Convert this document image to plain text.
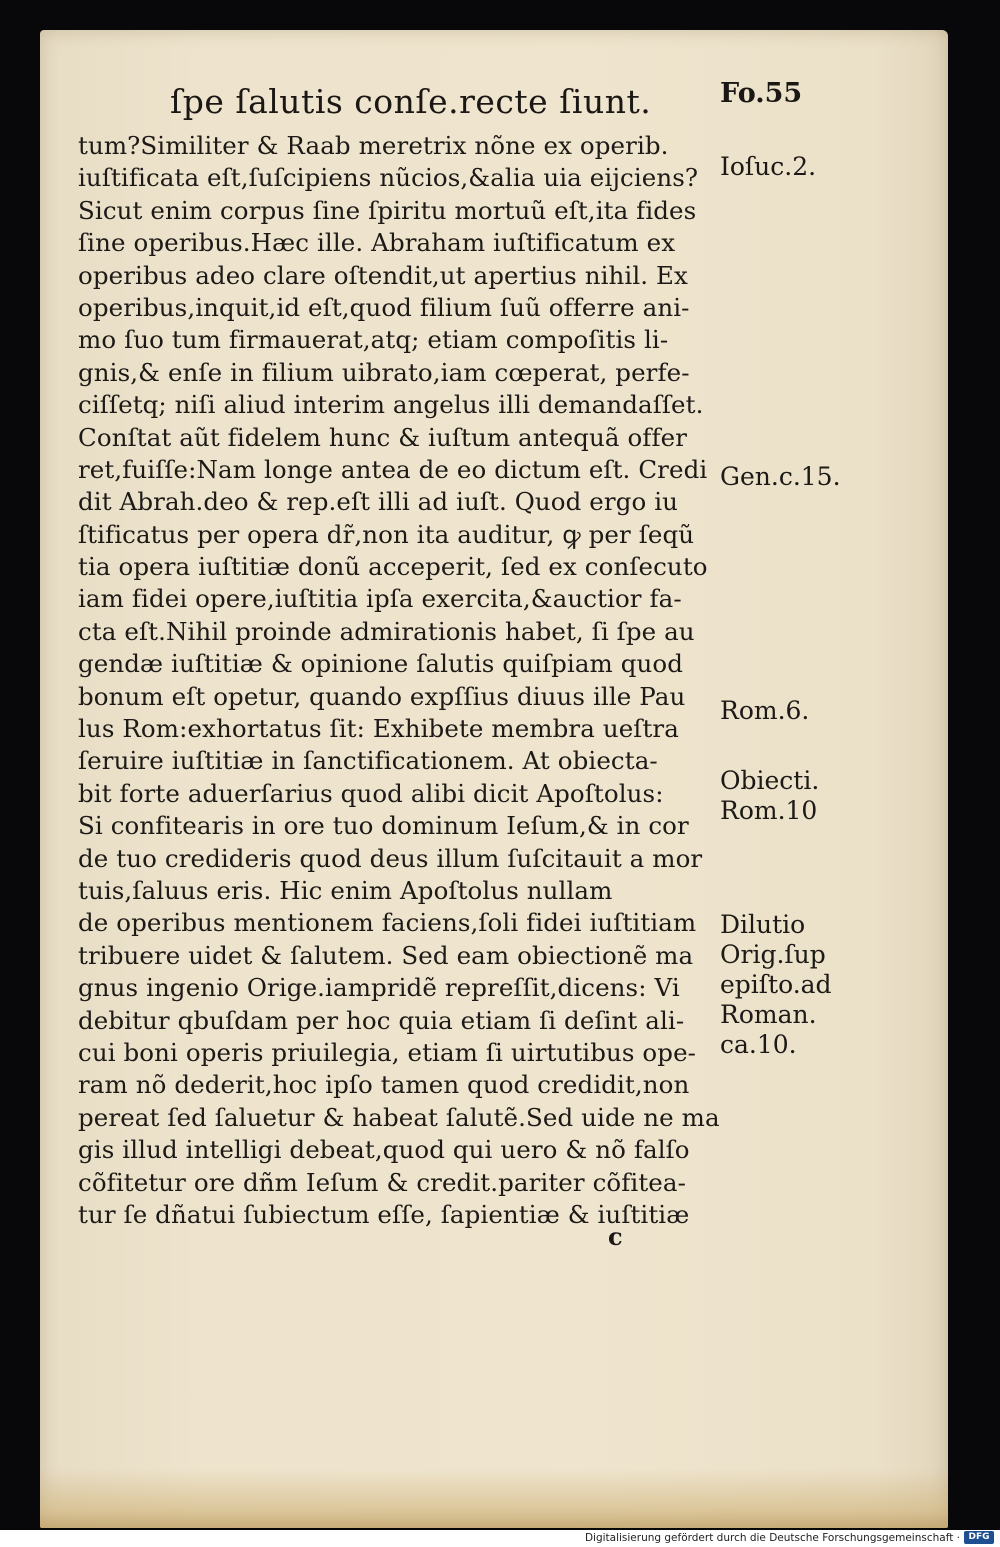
ſpe ſalutis conſe.recte ſiunt.	Fo.55
tum?Similiter & Raab meretrix nõne ex operib.
iuſtificata eſt,ſuſcipiens nũcios,&alia uia eijciens?
Sicut enim corpus ſine ſpiritu mortuũ eſt,ita fides
ſine operibus.Hæc ille. Abraham iuſtificatum ex
operibus adeo clare oſtendit,ut apertius nihil. Ex
operibus,inquit,id eſt,quod filium ſuũ offerre ani-
mo ſuo tum firmauerat,atq; etiam compoſitis li-
gnis,& enſe in filium uibrato,iam cœperat, perfe-
ciſſetq; niſi aliud interim angelus illi demandaſſet.
Conſtat aũt fidelem hunc & iuſtum antequã offer
ret,fuiſſe:Nam longe antea de eo dictum eſt. Credi
dit Abrah.deo & rep.eſt illi ad iuſt. Quod ergo iu
ſtificatus per opera dr̃,non ita auditur, ꝙ per ſeqũ
tia opera iuſtitiæ donũ acceperit, ſed ex conſecuto
iam fidei opere,iuſtitia ipſa exercita,&auctior fa-
cta eſt.Nihil proinde admirationis habet, ſi ſpe au
gendæ iuſtitiæ & opinione ſalutis quiſpiam quod
bonum eſt opetur, quando expſſius diuus ille Pau
lus Rom:exhortatus ſit: Exhibete membra ueſtra
ſeruire iuſtitiæ in ſanctificationem. At obiecta-
bit forte aduerſarius quod alibi dicit Apoſtolus:
Si confitearis in ore tuo dominum Ieſum,& in cor
de tuo credideris quod deus illum ſuſcitauit a mor
tuis,ſaluus eris. Hic enim Apoſtolus nullam
de operibus mentionem faciens,ſoli fidei iuſtitiam
tribuere uidet & ſalutem. Sed eam obiectionẽ ma
gnus ingenio Orige.iampridẽ repreſſit,dicens: Vi
debitur qbuſdam per hoc quia etiam ſi deſint ali-
cui boni operis priuilegia, etiam ſi uirtutibus ope-
ram nõ dederit,hoc ipſo tamen quod credidit,non
pereat ſed ſaluetur & habeat ſalutẽ.Sed uide ne ma
gis illud intelligi debeat,quod qui uero & nõ falſo
cõfitetur ore dñm Ieſum & credit.pariter cõfitea-
tur ſe dñatui ſubiectum eſſe, ſapientiæ & iuſtitiæ
c
Ioſuc.2.
Gen.c.15.
Rom.6.
Obiecti.
Rom.10
Dilutio
Orig.ſup
epiſto.ad
Roman.
ca.10.
Digitalisierung gefördert durch die Deutsche Forschungsgemeinschaft · DFG
